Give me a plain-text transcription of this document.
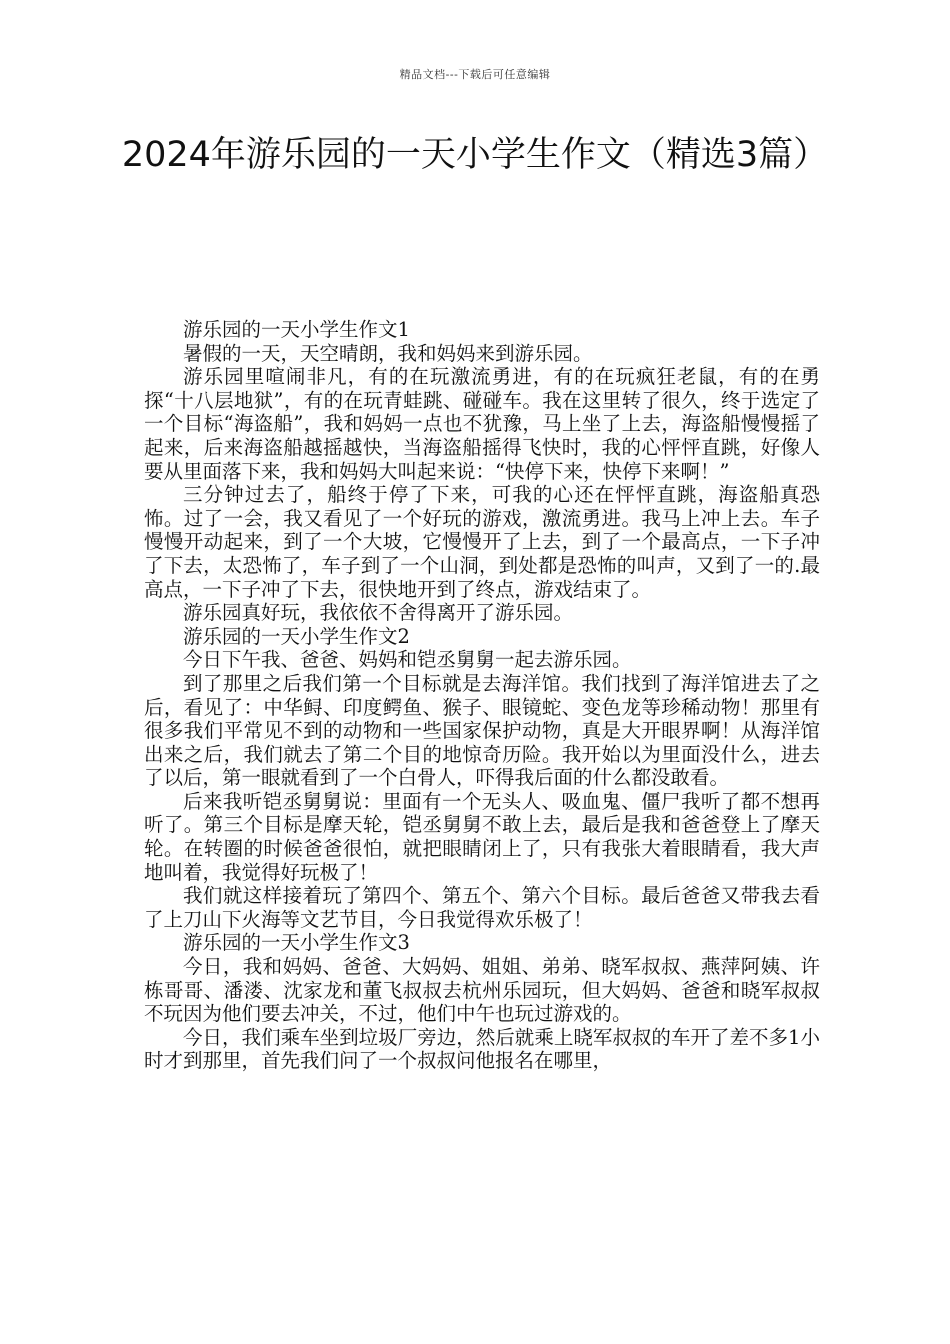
精品文档---下载后可任意编辑
2024年游乐园的一天小学生作文（精选3篇）

游乐园的一天小学生作文1

暑假的一天，天空晴朗，我和妈妈来到游乐园。

游乐园里喧闹非凡，有的在玩激流勇进，有的在玩疯狂老鼠，有的在勇探“十八层地狱”，有的在玩青蛙跳、碰碰车。我在这里转了很久，终于选定了一个目标“海盗船”，我和妈妈一点也不犹豫，马上坐了上去，海盗船慢慢摇了起来，后来海盗船越摇越快，当海盗船摇得飞快时，我的心怦怦直跳，好像人要从里面落下来，我和妈妈大叫起来说：“快停下来，快停下来啊！”

三分钟过去了，船终于停了下来，可我的心还在怦怦直跳，海盗船真恐怖。过了一会，我又看见了一个好玩的游戏，激流勇进。我马上冲上去。车子慢慢开动起来，到了一个大坡，它慢慢开了上去，到了一个最高点，一下子冲了下去，太恐怖了，车子到了一个山洞，到处都是恐怖的叫声，又到了一的.最高点，一下子冲了下去，很快地开到了终点，游戏结束了。

游乐园真好玩，我依依不舍得离开了游乐园。

游乐园的一天小学生作文2

今日下午我、爸爸、妈妈和铠丞舅舅一起去游乐园。

到了那里之后我们第一个目标就是去海洋馆。我们找到了海洋馆进去了之后，看见了：中华鲟、印度鳄鱼、猴子、眼镜蛇、变色龙等珍稀动物！那里有很多我们平常见不到的动物和一些国家保护动物，真是大开眼界啊！从海洋馆出来之后，我们就去了第二个目的地惊奇历险。我开始以为里面没什么，进去了以后，第一眼就看到了一个白骨人，吓得我后面的什么都没敢看。

后来我听铠丞舅舅说：里面有一个无头人、吸血鬼、僵尸我听了都不想再听了。第三个目标是摩天轮，铠丞舅舅不敢上去，最后是我和爸爸登上了摩天轮。在转圈的时候爸爸很怕，就把眼睛闭上了，只有我张大着眼睛看，我大声地叫着，我觉得好玩极了！

我们就这样接着玩了第四个、第五个、第六个目标。最后爸爸又带我去看了上刀山下火海等文艺节目，今日我觉得欢乐极了！

游乐园的一天小学生作文3

今日，我和妈妈、爸爸、大妈妈、姐姐、弟弟、晓军叔叔、燕萍阿姨、许栋哥哥、潘溇、沈家龙和董飞叔叔去杭州乐园玩，但大妈妈、爸爸和晓军叔叔不玩因为他们要去冲关，不过，他们中午也玩过游戏的。

今日，我们乘车坐到垃圾厂旁边，然后就乘上晓军叔叔的车开了差不多1小时才到那里，首先我们问了一个叔叔问他报名在哪里，
